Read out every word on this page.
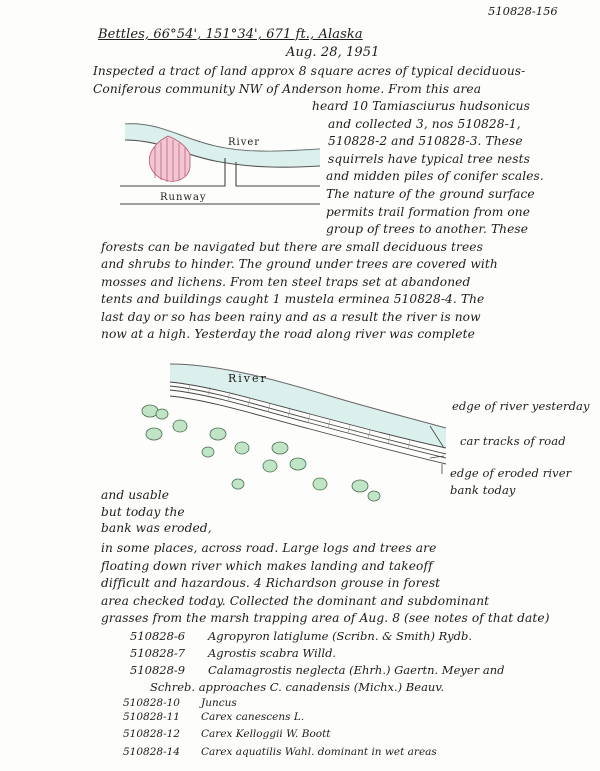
510828-156
Bettles, 66°54', 151°34', 671 ft., Alaska
Aug. 28, 1951
Inspected a tract of land approx 8 square acres of typical deciduous-
Coniferous community NW of Anderson home. From this area
heard 10 Tamiasciurus hudsonicus
and collected 3, nos 510828-1,
510828-2 and 510828-3. These
squirrels have typical tree nests
and midden piles of conifer scales.
The nature of the ground surface
permits trail formation from one
group of trees to another. These
forests can be navigated but there are small deciduous trees
and shrubs to hinder. The ground under trees are covered with
mosses and lichens. From ten steel traps set at abandoned
tents and buildings caught 1 mustela erminea 510828-4. The
last day or so has been rainy and as a result the river is now
now at a high. Yesterday the road along river was complete
River
Runway
River
edge of river yesterday
car tracks of road
edge of eroded river
bank today
and usable
but today the
bank was eroded,
in some places, across road. Large logs and trees are
floating down river which makes landing and takeoff
difficult and hazardous. 4 Richardson grouse in forest
area checked today. Collected the dominant and subdominant
grasses from the marsh trapping area of Aug. 8 (see notes of that date)
510828-6 Agropyron latiglume (Scribn. & Smith) Rydb.
510828-7 Agrostis scabra Willd.
510828-9 Calamagrostis neglecta (Ehrh.) Gaertn. Meyer and
Schreb. approaches C. canadensis (Michx.) Beauv.
510828-10 Juncus
510828-11 Carex canescens L.
510828-12 Carex Kelloggii W. Boott
510828-14 Carex aquatilis Wahl. dominant in wet areas
